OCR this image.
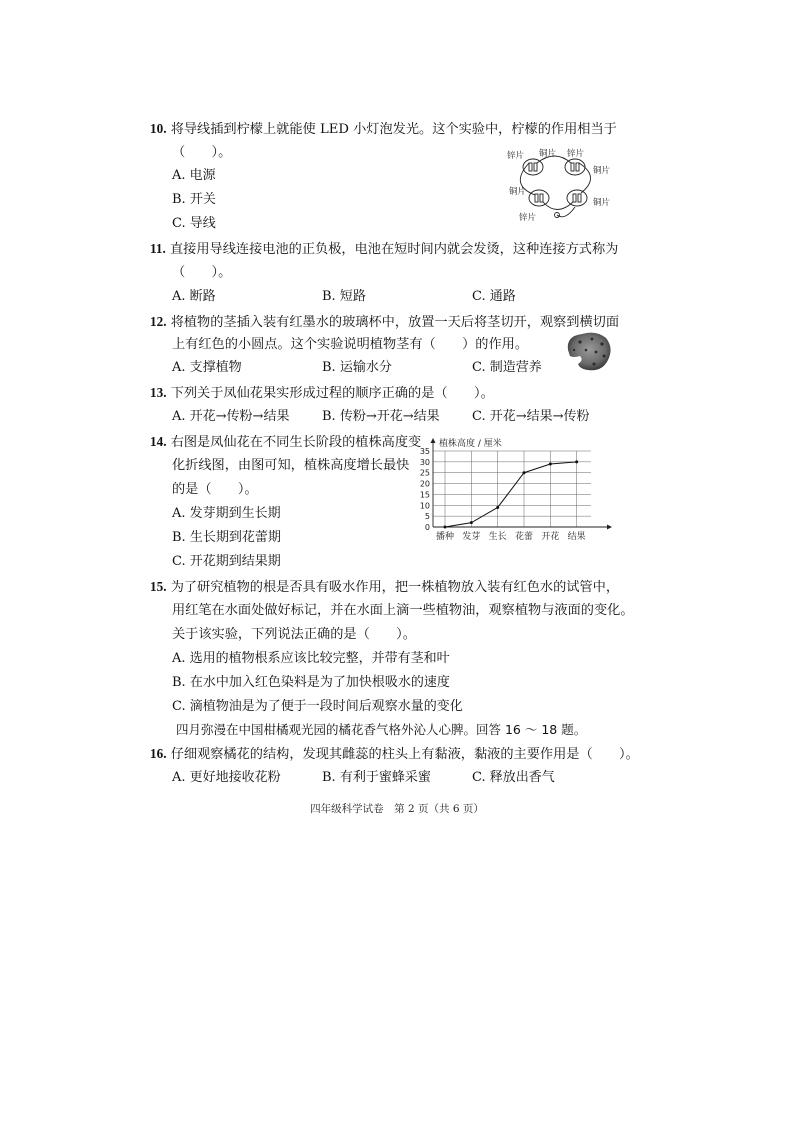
10. 将导线插到柠檬上就能使 LED 小灯泡发光。这个实验中，柠檬的作用相当于
（　　）。
A. 电源
B. 开关
C. 导线
锌片 铜片 锌片
铜片
铜片
铜片
锌片
11. 直接用导线连接电池的正负极，电池在短时间内就会发烫，这种连接方式称为
（　　）。
A. 断路	B. 短路	C. 通路
12. 将植物的茎插入装有红墨水的玻璃杯中，放置一天后将茎切开，观察到横切面
上有红色的小圆点。这个实验说明植物茎有（　　）的作用。
A. 支撑植物	B. 运输水分	C. 制造营养
13. 下列关于凤仙花果实形成过程的顺序正确的是（　　）。
A. 开花→传粉→结果	B. 传粉→开花→结果 C. 开花→结果→传粉
14. 右图是凤仙花在不同生长阶段的植株高度变
化折线图，由图可知，植株高度增长最快
的是（　　）。
A. 发芽期到生长期
B. 生长期到花蕾期
C. 开花期到结果期
0
5
10
15
20
25
30
35
播种 发芽 生长 花蕾 开花 结果
植株高度 / 厘米
15. 为了研究植物的根是否具有吸水作用，把一株植物放入装有红色水的试管中，
用红笔在水面处做好标记，并在水面上滴一些植物油，观察植物与液面的变化。
关于该实验，下列说法正确的是（　　）。
A. 选用的植物根系应该比较完整，并带有茎和叶
B. 在水中加入红色染料是为了加快根吸水的速度
C. 滴植物油是为了便于一段时间后观察水量的变化
四月弥漫在中国柑橘观光园的橘花香气格外沁人心脾。回答 16 ～ 18 题。
16. 仔细观察橘花的结构，发现其雌蕊的柱头上有黏液，黏液的主要作用是（　　）。
A. 更好地接收花粉	B. 有利于蜜蜂采蜜	C. 释放出香气
四年级科学试卷　第 2 页（共 6 页）
